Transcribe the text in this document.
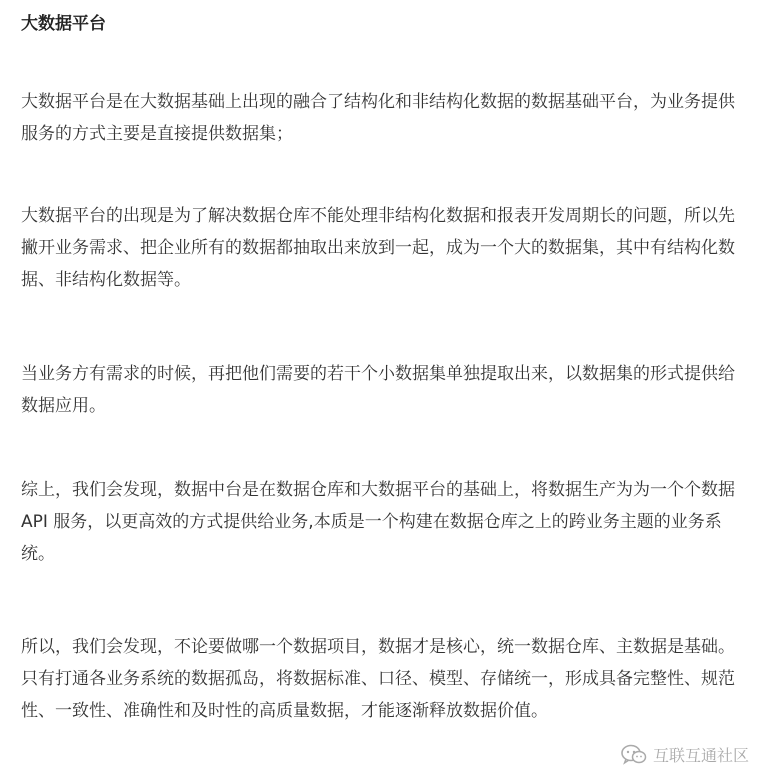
大数据平台

大数据平台是在大数据基础上出现的融合了结构化和非结构化数据的数据基础平台，为业务提供服务的方式主要是直接提供数据集；

大数据平台的出现是为了解决数据仓库不能处理非结构化数据和报表开发周期长的问题，所以先撇开业务需求、把企业所有的数据都抽取出来放到一起，成为一个大的数据集，其中有结构化数据、非结构化数据等。

当业务方有需求的时候，再把他们需要的若干个小数据集单独提取出来，以数据集的形式提供给数据应用。

综上，我们会发现，数据中台是在数据仓库和大数据平台的基础上，将数据生产为为一个个数据 API 服务，以更高效的方式提供给业务,本质是一个构建在数据仓库之上的跨业务主题的业务系统。

所以，我们会发现，不论要做哪一个数据项目，数据才是核心，统一数据仓库、主数据是基础。只有打通各业务系统的数据孤岛，将数据标准、口径、模型、存储统一，形成具备完整性、规范性、一致性、准确性和及时性的高质量数据，才能逐渐释放数据价值。

互联互通社区
